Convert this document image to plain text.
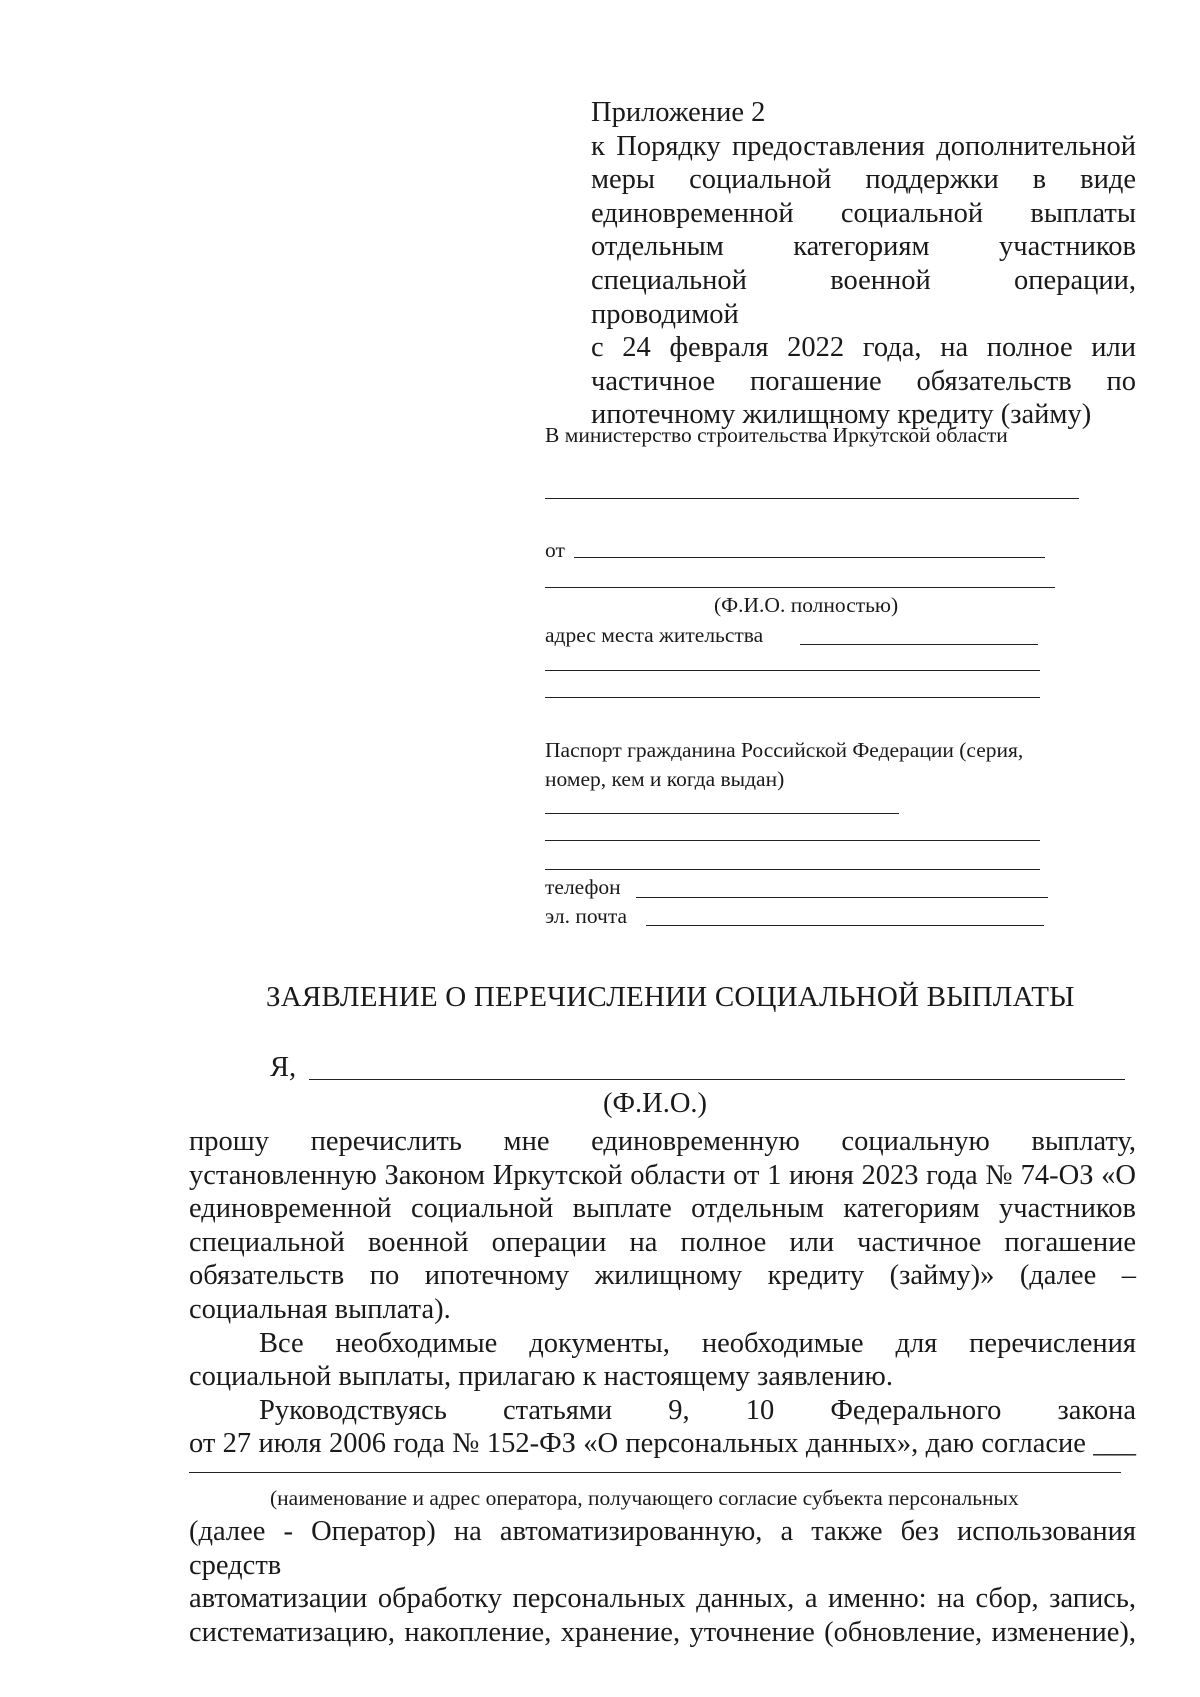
Приложение 2
к Порядку предоставления дополнительной
меры социальной поддержки в виде
единовременной социальной выплаты
отдельным категориям участников
специальной военной операции, проводимой
с 24 февраля 2022 года, на полное или
частичное погашение обязательств по
ипотечному жилищному кредиту (займу)
В министерство строительства Иркутской области
от
(Ф.И.О. полностью)
адрес места жительства
Паспорт гражданина Российской Федерации (серия,
номер, кем и когда выдан)
телефон
эл. почта
ЗАЯВЛЕНИЕ О ПЕРЕЧИСЛЕНИИ СОЦИАЛЬНОЙ ВЫПЛАТЫ
Я,
(Ф.И.О.)
прошу перечислить мне единовременную социальную выплату,
установленную Законом Иркутской области от 1 июня 2023 года № 74-ОЗ «О
единовременной социальной выплате отдельным категориям участников
специальной военной операции на полное или частичное погашение
обязательств по ипотечному жилищному кредиту (займу)» (далее –
социальная выплата).
Все необходимые документы, необходимые для перечисления
социальной выплаты, прилагаю к настоящему заявлению.
Руководствуясь статьями 9, 10 Федерального закона
от 27 июля 2006 года № 152-ФЗ «О персональных данных», даю согласие ___
(наименование и адрес оператора, получающего согласие субъекта персональных
(далее - Оператор) на автоматизированную, а также без использования средств
автоматизации обработку персональных данных, а именно: на сбор, запись,
систематизацию, накопление, хранение, уточнение (обновление, изменение),
